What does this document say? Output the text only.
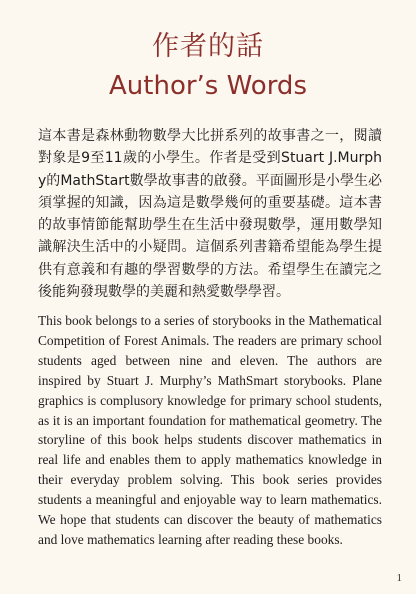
作者的話
Author’s Words
這本書是森林動物數學大比拼系列的故事書之一，閱讀對象是9至11歲的小學生。作者是受到Stuart J.Murphy的MathStart數學故事書的啟發。平面圖形是小學生必須掌握的知識，因為這是數學幾何的重要基礎。這本書的故事情節能幫助學生在生活中發現數學，運用數學知識解決生活中的小疑問。這個系列書籍希望能為學生提供有意義和有趣的學習數學的方法。希望學生在讀完之後能夠發現數學的美麗和熱愛數學學習。
This book belongs to a series of storybooks in the Mathematical Competition of Forest Animals. The readers are primary school students aged between nine and eleven. The authors are inspired by Stuart J. Murphy’s MathSmart storybooks. Plane graphics is complusory knowledge for primary school students, as it is an important foundation for mathematical geometry. The storyline of this book helps students discover mathematics in real life and enables them to apply mathematics knowledge in their everyday problem solving. This book series provides students a meaningful and enjoyable way to learn mathematics. We hope that students can discover the beauty of mathematics and love mathematics learning after reading these books.
1
